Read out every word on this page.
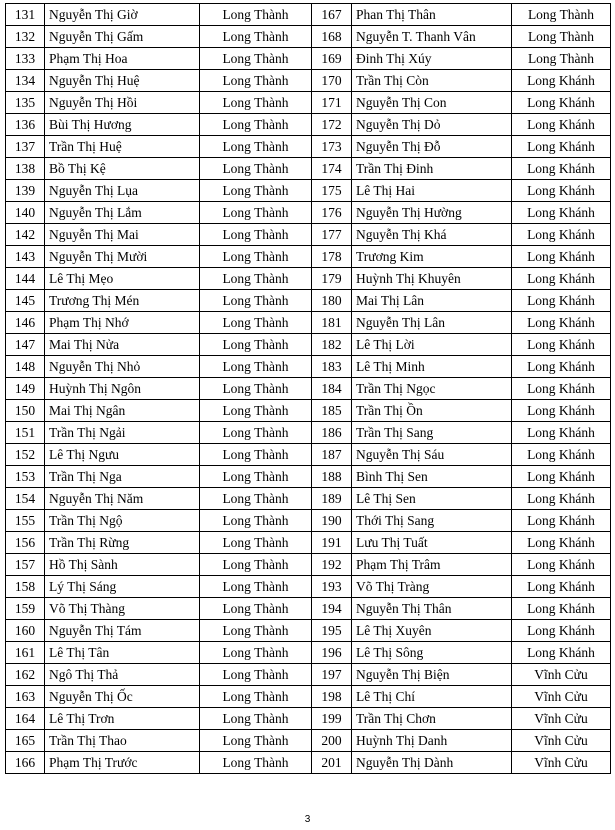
131	Nguyễn Thị Giờ	Long Thành	167	Phan Thị Thân	Long Thành
132	Nguyễn Thị Gấm	Long Thành	168	Nguyễn T. Thanh Vân	Long Thành
133	Phạm Thị Hoa	Long Thành	169	Đinh Thị Xúy	Long Thành
134	Nguyễn Thị Huệ	Long Thành	170	Trần Thị Còn	Long Khánh
135	Nguyễn Thị Hồi	Long Thành	171	Nguyễn Thị Con	Long Khánh
136	Bùi Thị Hương	Long Thành	172	Nguyễn Thị Dỏ	Long Khánh
137	Trần Thị Huệ	Long Thành	173	Nguyễn Thị Đỗ	Long Khánh
138	Bồ Thị Kệ	Long Thành	174	Trần Thị Đinh	Long Khánh
139	Nguyễn Thị Lụa	Long Thành	175	Lê Thị Hai	Long Khánh
140	Nguyễn Thị Lắm	Long Thành	176	Nguyễn Thị Hường	Long Khánh
142	Nguyễn Thị Mai	Long Thành	177	Nguyễn Thị Khá	Long Khánh
143	Nguyễn Thị Mười	Long Thành	178	Trương Kim	Long Khánh
144	Lê Thị Mẹo	Long Thành	179	Huỳnh Thị Khuyên	Long Khánh
145	Trương Thị Mén	Long Thành	180	Mai Thị Lân	Long Khánh
146	Phạm Thị Nhớ	Long Thành	181	Nguyễn Thị Lân	Long Khánh
147	Mai Thị Nửa	Long Thành	182	Lê Thị Lời	Long Khánh
148	Nguyễn Thị Nhỏ	Long Thành	183	Lê Thị Minh	Long Khánh
149	Huỳnh Thị Ngôn	Long Thành	184	Trần Thị Ngọc	Long Khánh
150	Mai Thị Ngân	Long Thành	185	Trần Thị Ồn	Long Khánh
151	Trần Thị Ngải	Long Thành	186	Trần Thị Sang	Long Khánh
152	Lê Thị Ngưu	Long Thành	187	Nguyễn Thị Sáu	Long Khánh
153	Trần Thị Nga	Long Thành	188	Bình Thị Sen	Long Khánh
154	Nguyễn Thị Năm	Long Thành	189	Lê Thị Sen	Long Khánh
155	Trần Thị Ngộ	Long Thành	190	Thới Thị Sang	Long Khánh
156	Trần Thị Rừng	Long Thành	191	Lưu Thị Tuất	Long Khánh
157	Hồ Thị Sành	Long Thành	192	Phạm Thị Trâm	Long Khánh
158	Lý Thị Sáng	Long Thành	193	Võ Thị Tràng	Long Khánh
159	Võ Thị Thàng	Long Thành	194	Nguyễn Thị Thân	Long Khánh
160	Nguyễn Thị Tám	Long Thành	195	Lê Thị Xuyên	Long Khánh
161	Lê Thị Tân	Long Thành	196	Lê Thị Sông	Long Khánh
162	Ngô Thị Thả	Long Thành	197	Nguyễn Thị Biện	Vĩnh Cửu
163	Nguyễn Thị Ốc	Long Thành	198	Lê Thị Chí	Vĩnh Cửu
164	Lê Thị Trơn	Long Thành	199	Trần Thị Chơn	Vĩnh Cửu
165	Trần Thị Thao	Long Thành	200	Huỳnh Thị Danh	Vĩnh Cửu
166	Phạm Thị Trước	Long Thành	201	Nguyễn Thị Dành	Vĩnh Cửu
3
